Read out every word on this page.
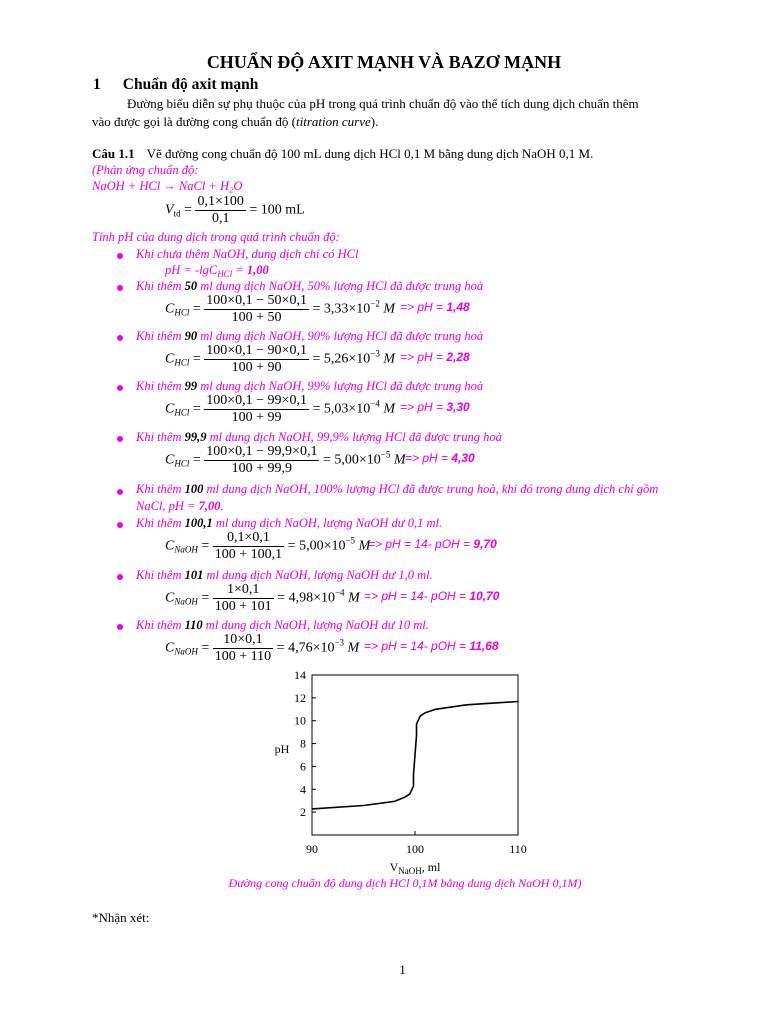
CHUẨN ĐỘ AXIT MẠNH VÀ BAZƠ MẠNH
1 Chuẩn độ axit mạnh
Đường biểu diễn sự phụ thuộc của pH trong quá trình chuẩn độ vào thể tích dung dịch chuẩn thêm
vào được gọi là đường cong chuẩn độ (titration curve).
Câu 1.1 Vẽ đường cong chuẩn độ 100 mL dung dịch HCl 0,1 M bằng dung dịch NaOH 0,1 M.
(Phản ứng chuẩn độ:
NaOH + HCl → NaCl + H₂O
$V_{td} = \frac{0,1\times 100}{0,1} = 100$ mL
Tính pH của dung dịch trong quá trình chuẩn độ:
Khi chưa thêm NaOH, dung dịch chỉ có HCl
pH = -lgC$_{HCl}$ = 1,00
Khi thêm 50 ml dung dịch NaOH, 50% lượng HCl đã được trung hoà
$C_{HCl} = \frac{100\times 0,1 - 50\times 0,1}{100 + 50} = 3,33\times 10^{-2}$ M => pH = 1,48
Khi thêm 90 ml dung dịch NaOH, 90% lượng HCl đã được trung hoà
$C_{HCl} = \frac{100\times 0,1 - 90\times 0,1}{100 + 90} = 5,26\times 10^{-3}$ M => pH = 2,28
Khi thêm 99 ml dung dịch NaOH, 99% lượng HCl đã được trung hoà
$C_{HCl} = \frac{100\times 0,1 - 99\times 0,1}{100 + 99} = 5,03\times 10^{-4}$ M => pH = 3,30
Khi thêm 99,9 ml dung dịch NaOH, 99,9% lượng HCl đã được trung hoà
$C_{HCl} = \frac{100\times 0,1 - 99,9\times 0,1}{100 + 99,9} = 5,00\times 10^{-5}$ M => pH = 4,30
Khi thêm 100,1 ml dung dịch NaOH, lượng NaOH dư 0,1 ml.
$C_{NaOH} = \frac{0,1\times 0,1}{100 + 100,1} = 5,00\times 10^{-5}$ M
=> pH = 14- pOH = 9,70
Khi thêm 101 ml dung dịch NaOH, lượng NaOH dư 1,0 ml.
$C_{NaOH} = \frac{1\times 0,1}{100 + 101} = 4,98\times 10^{-4}$ M => pH = 14- pOH = 10,70
Khi thêm 110 ml dung dịch NaOH, lượng NaOH dư 10 ml.
$C_{NaOH} = \frac{10\times 0,1}{100 + 110} = 4,76\times 10^{-3}$ M => pH = 14- pOH = 11,68
Khi thêm 100 ml dung dịch NaOH, 100% lượng HCl đã được trung hoà, khi đó trong dung dịch chỉ gồm
NaCl, pH = 7,00.
2
4
6
8
10
12
14
90	100	110
pH
$V_{NaOH}$, ml
Đường cong chuẩn độ dung dịch HCl 0,1M bằng dung dịch NaOH 0,1M)
*Nhận xét:
1
